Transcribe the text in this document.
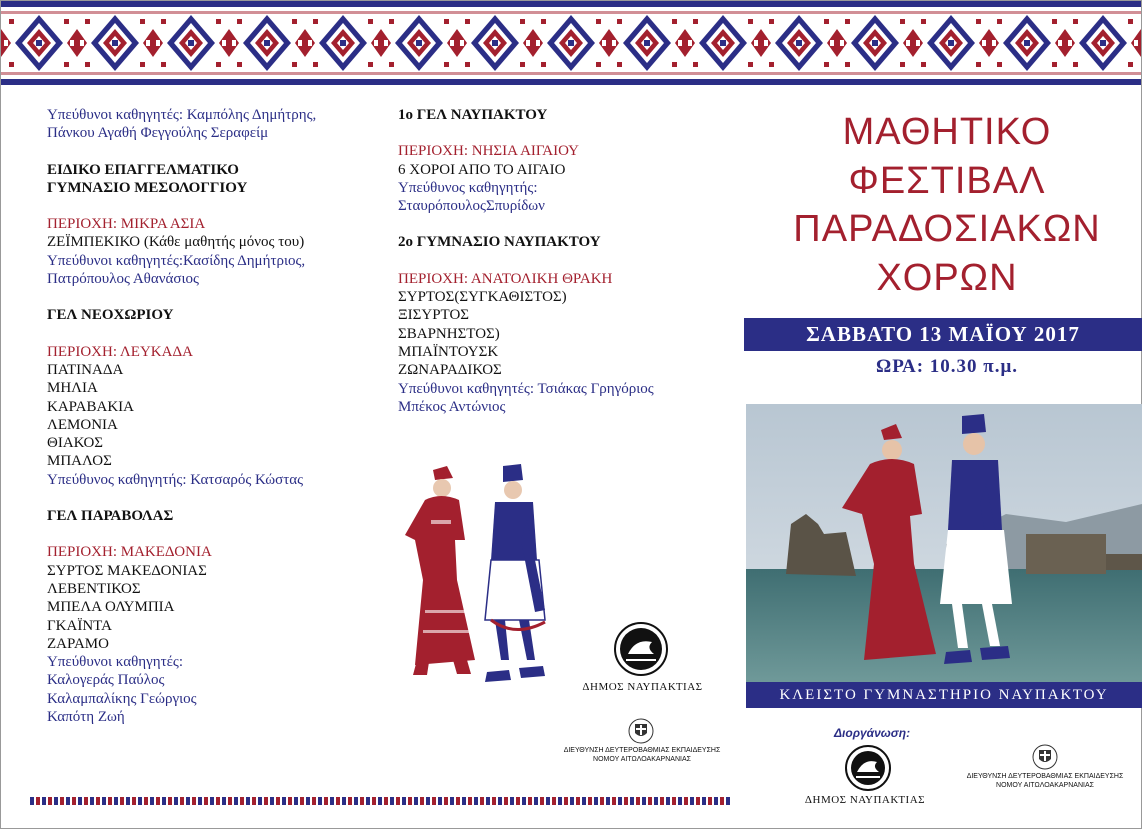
Υπεύθυνοι καθηγητές: Καμπόλης Δημήτρης, Πάνκου Αγαθή Φεγγούλης Σεραφείμ

ΕΙΔΙΚΟ ΕΠΑΓΓΕΛΜΑΤΙΚΟ

ΓΥΜΝΑΣΙΟ ΜΕΣΟΛΟΓΓΙΟΥ

ΠΕΡΙΟΧΗ: ΜΙΚΡΑ ΑΣΙΑ

ΖΕΪΜΠΕΚΙΚΟ (Κάθε μαθητής μόνος του)

Υπεύθυνοι καθηγητές:Κασίδης Δημήτριος, Πατρόπουλος Αθανάσιος

ΓΕΛ ΝΕΟΧΩΡΙΟΥ

ΠΕΡΙΟΧΗ: ΛΕΥΚΑΔΑ

ΠΑΤΙΝΑΔΑ

ΜΗΛΙΑ

ΚΑΡΑΒΑΚΙΑ

ΛΕΜΟΝΙΑ

ΘΙΑΚΟΣ

ΜΠΑΛΟΣ

Υπεύθυνος καθηγητής: Κατσαρός Κώστας

ΓΕΛ ΠΑΡΑΒΟΛΑΣ

ΠΕΡΙΟΧΗ: ΜΑΚΕΔΟΝΙΑ

ΣΥΡΤΟΣ ΜΑΚΕΔΟΝΙΑΣ

ΛΕΒΕΝΤΙΚΟΣ

ΜΠΕΛΑ ΟΛΥΜΠΙΑ

ΓΚΑΪΝΤΑ

ΖΑΡΑΜΟ

Υπεύθυνοι καθηγητές:

Καλογεράς Παύλος

Καλαμπαλίκης Γεώργιος

Καπότη Ζωή

1ο ΓΕΛ ΝΑΥΠΑΚΤΟΥ

ΠΕΡΙΟΧΗ: ΝΗΣΙΑ ΑΙΓΑΙΟΥ

6 ΧΟΡΟΙ ΑΠΟ ΤΟ ΑΙΓΑΙΟ

Υπεύθυνος καθηγητής: ΣταυρόπουλοςΣπυρίδων

2ο ΓΥΜΝΑΣΙΟ ΝΑΥΠΑΚΤΟΥ

ΠΕΡΙΟΧΗ: ΑΝΑΤΟΛΙΚΗ ΘΡΑΚΗ

ΣΥΡΤΟΣ(ΣΥΓΚΑΘΙΣΤΟΣ)

ΞΙΣΥΡΤΟΣ

ΣΒΑΡΝΗΣΤΟΣ)

ΜΠΑΪΝΤΟΥΣΚ

ΖΩΝΑΡΑΔΙΚΟΣ

Υπεύθυνοι καθηγητές: Τσιάκας Γρηγόριος Μπέκος Αντώνιος

ΔΗΜΟΣ ΝΑΥΠΑΚΤΙΑΣ
ΔΙΕΥΘΥΝΣΗ ΔΕΥΤΕΡΟΒΑΘΜΙΑΣ ΕΚΠΑΙΔΕΥΣΗΣ ΝΟΜΟΥ ΑΙΤΩΛΟΑΚΑΡΝΑΝΙΑΣ
ΜΑΘΗΤΙΚΟ
ΦΕΣΤΙΒΑΛ
ΠΑΡΑΔΟΣΙΑΚΩΝ
ΧΟΡΩΝ
ΣΑΒΒΑΤΟ 13 ΜΑΪΟΥ 2017
ΩΡΑ: 10.30 π.μ.
ΚΛΕΙΣΤΟ ΓΥΜΝΑΣΤΗΡΙΟ ΝΑΥΠΑΚΤΟΥ
Διοργάνωση:
ΔΗΜΟΣ ΝΑΥΠΑΚΤΙΑΣ
ΔΙΕΥΘΥΝΣΗ ΔΕΥΤΕΡΟΒΑΘΜΙΑΣ ΕΚΠΑΙΔΕΥΣΗΣ ΝΟΜΟΥ ΑΙΤΩΛΟΑΚΑΡΝΑΝΙΑΣ
